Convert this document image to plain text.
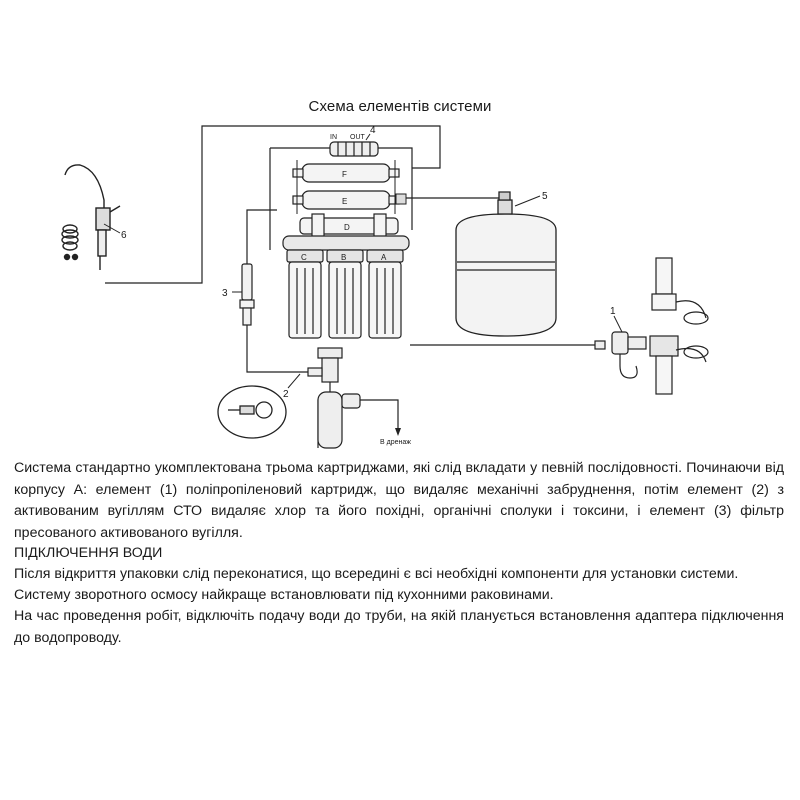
Схема елементів системи
6
3
IN OUT
4
F
E
D
C	B	A
5
1
2
В дренаж
Система стандартно укомплектована трьома картриджами, які слід вкладати у певній послідовності. Починаючи від корпусу А: елемент (1) поліпропіленовий картридж, що видаляє механічні забруднення, потім елемент (2) з активованим вугіллям СТО видаляє хлор та його похідні, органічні сполуки і токсини, і елемент (3) фільтр пресованого активованого вугілля.
ПІДКЛЮЧЕННЯ ВОДИ
Після відкриття упаковки слід переконатися, що всередині є всі необхідні компоненти для установки системи.
Систему зворотного осмосу найкраще встановлювати під кухонними раковинами.
На час проведення робіт, відключіть подачу води до труби, на якій планується встановлення адаптера підключення до водопроводу.
